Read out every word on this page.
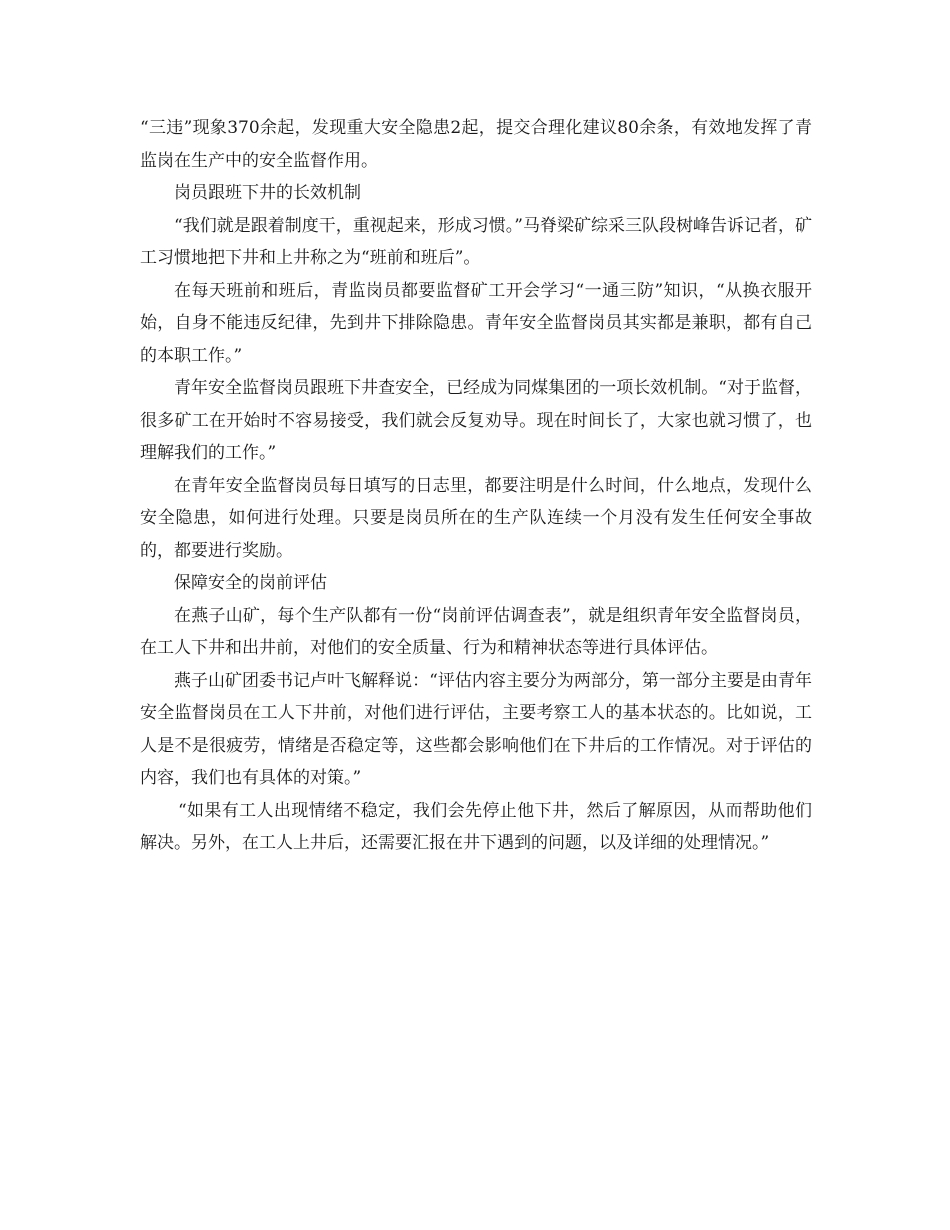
“三违”现象370余起，发现重大安全隐患2起，提交合理化建议80余条，有效地发挥了青监岗在生产中的安全监督作用。

岗员跟班下井的长效机制

“我们就是跟着制度干，重视起来，形成习惯。”马脊梁矿综采三队段树峰告诉记者，矿工习惯地把下井和上井称之为“班前和班后”。

在每天班前和班后，青监岗员都要监督矿工开会学习“一通三防”知识，“从换衣服开始，自身不能违反纪律，先到井下排除隐患。青年安全监督岗员其实都是兼职，都有自己的本职工作。”

青年安全监督岗员跟班下井查安全，已经成为同煤集团的一项长效机制。“对于监督，很多矿工在开始时不容易接受，我们就会反复劝导。现在时间长了，大家也就习惯了，也理解我们的工作。”

在青年安全监督岗员每日填写的日志里，都要注明是什么时间，什么地点，发现什么安全隐患，如何进行处理。只要是岗员所在的生产队连续一个月没有发生任何安全事故的，都要进行奖励。

保障安全的岗前评估

在燕子山矿，每个生产队都有一份“岗前评估调查表”，就是组织青年安全监督岗员，在工人下井和出井前，对他们的安全质量、行为和精神状态等进行具体评估。

燕子山矿团委书记卢叶飞解释说：“评估内容主要分为两部分，第一部分主要是由青年安全监督岗员在工人下井前，对他们进行评估，主要考察工人的基本状态的。比如说，工人是不是很疲劳，情绪是否稳定等，这些都会影响他们在下井后的工作情况。对于评估的内容，我们也有具体的对策。”

“如果有工人出现情绪不稳定，我们会先停止他下井，然后了解原因，从而帮助他们解决。另外，在工人上井后，还需要汇报在井下遇到的问题，以及详细的处理情况。”
